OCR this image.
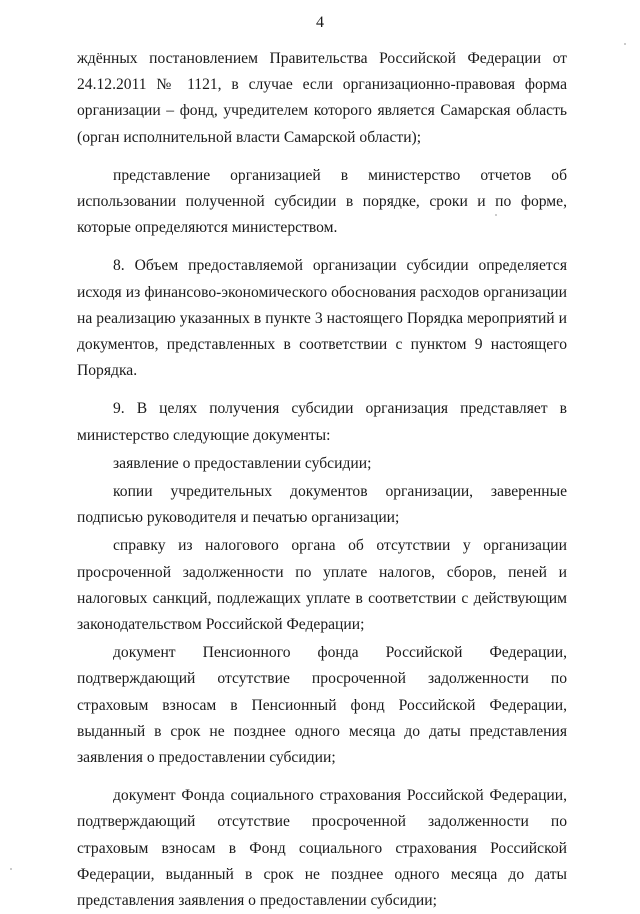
4

ждённых постановлением Правительства Российской Федерации от 24.12.2011 № 1121, в случае если организационно-правовая форма организации – фонд, учредителем которого является Самарская область (орган исполнительной власти Самарской области);

представление организацией в министерство отчетов об использовании полученной субсидии в порядке, сроки и по форме, которые определяются министерством.

8. Объем предоставляемой организации субсидии определяется исходя из финансово-экономического обоснования расходов организации на реализацию указанных в пункте 3 настоящего Порядка мероприятий и документов, представленных в соответствии с пунктом 9 настоящего Порядка.

9. В целях получения субсидии организация представляет в министерство следующие документы:

заявление о предоставлении субсидии;

копии учредительных документов организации, заверенные подписью руководителя и печатью организации;

справку из налогового органа об отсутствии у организации просроченной задолженности по уплате налогов, сборов, пеней и налоговых санкций, подлежащих уплате в соответствии с действующим законодательством Российской Федерации;

документ Пенсионного фонда Российской Федерации, подтверждающий отсутствие просроченной задолженности по страховым взносам в Пенсионный фонд Российской Федерации, выданный в срок не позднее одного месяца до даты представления заявления о предоставлении субсидии;

документ Фонда социального страхования Российской Федерации, подтверждающий отсутствие просроченной задолженности по страховым взносам в Фонд социального страхования Российской Федерации, выданный в срок не позднее одного месяца до даты представления заявления о предоставлении субсидии;
